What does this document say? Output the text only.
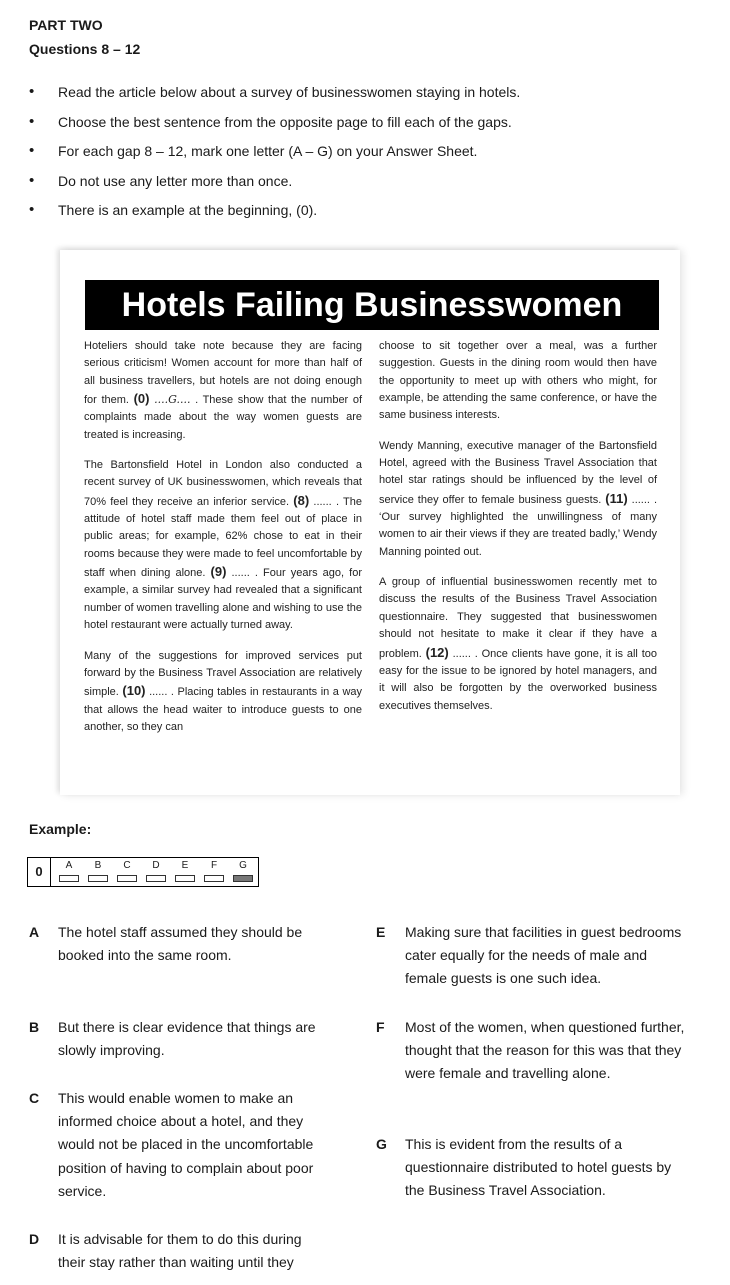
PART TWO
Questions 8 – 12
• Read the article below about a survey of businesswomen staying in hotels.
• Choose the best sentence from the opposite page to fill each of the gaps.
• For each gap 8 – 12, mark one letter (A – G) on your Answer Sheet.
• Do not use any letter more than once.
• There is an example at the beginning, (0).
Hotels Failing Businesswomen

Hoteliers should take note because they are facing serious criticism! Women account for more than half of all business travellers, but hotels are not doing enough for them. (0) ....G.... . These show that the number of complaints made about the way women guests are treated is increasing.

The Bartonsfield Hotel in London also conducted a recent survey of UK businesswomen, which reveals that 70% feel they receive an inferior service. (8) ...... . The attitude of hotel staff made them feel out of place in public areas; for example, 62% chose to eat in their rooms because they were made to feel uncomfortable by staff when dining alone. (9) ...... . Four years ago, for example, a similar survey had revealed that a significant number of women travelling alone and wishing to use the hotel restaurant were actually turned away.

Many of the suggestions for improved services put forward by the Business Travel Association are relatively simple. (10) ...... . Placing tables in restaurants in a way that allows the head waiter to introduce guests to one another, so they can

choose to sit together over a meal, was a further suggestion. Guests in the dining room would then have the opportunity to meet up with others who might, for example, be attending the same conference, or have the same business interests.

Wendy Manning, executive manager of the Bartonsfield Hotel, agreed with the Business Travel Association that hotel star ratings should be influenced by the level of service they offer to female business guests. (11) ...... . ‘Our survey highlighted the unwillingness of many women to air their views if they are treated badly,’ Wendy Manning pointed out.

A group of influential businesswomen recently met to discuss the results of the Business Travel Association questionnaire. They suggested that businesswomen should not hesitate to make it clear if they have a problem. (12) ...... . Once clients have gone, it is all too easy for the issue to be ignored by hotel managers, and it will also be forgotten by the overworked business executives themselves.

Example:
0	A	B	C	D	E	F	G
A The hotel staff assumed they should be booked into the same room.
B But there is clear evidence that things are slowly improving.
C This would enable women to make an informed choice about a hotel, and they would not be placed in the uncomfortable position of having to complain about poor service.
D It is advisable for them to do this during their stay rather than waiting until they
E Making sure that facilities in guest bedrooms cater equally for the needs of male and female guests is one such idea.
F Most of the women, when questioned further, thought that the reason for this was that they were female and travelling alone.
G This is evident from the results of a questionnaire distributed to hotel guests by the Business Travel Association.
